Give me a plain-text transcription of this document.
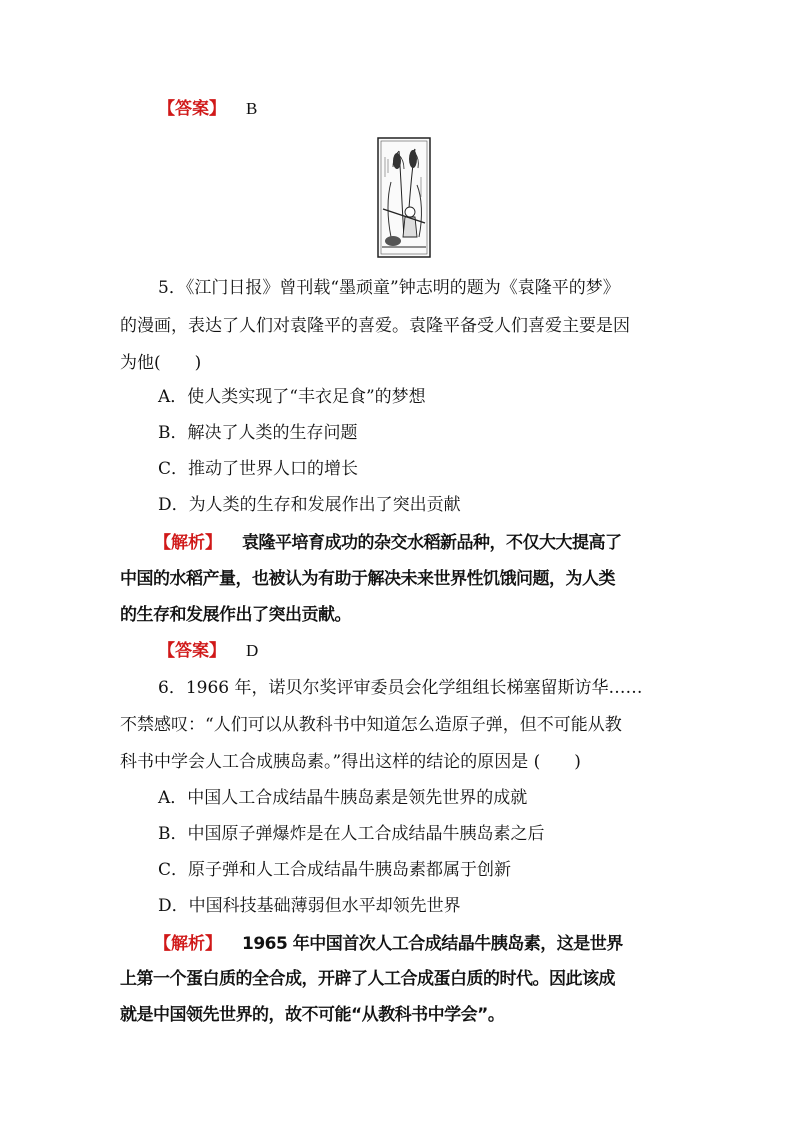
【答案】 B
5．《江门日报》曾刊载“墨顽童”钟志明的题为《袁隆平的梦》
的漫画，表达了人们对袁隆平的喜爱。袁隆平备受人们喜爱主要是因
为他(　　)
A．使人类实现了“丰衣足食”的梦想
B．解决了人类的生存问题
C．推动了世界人口的增长
D．为人类的生存和发展作出了突出贡献
【解析】 袁隆平培育成功的杂交水稻新品种，不仅大大提高了
中国的水稻产量，也被认为有助于解决未来世界性饥饿问题，为人类
的生存和发展作出了突出贡献。
【答案】 D
6．1966 年，诺贝尔奖评审委员会化学组组长梯塞留斯访华……
不禁感叹：“人们可以从教科书中知道怎么造原子弹，但不可能从教
科书中学会人工合成胰岛素。”得出这样的结论的原因是 (　　)
A．中国人工合成结晶牛胰岛素是领先世界的成就
B．中国原子弹爆炸是在人工合成结晶牛胰岛素之后
C．原子弹和人工合成结晶牛胰岛素都属于创新
D．中国科技基础薄弱但水平却领先世界
【解析】 1965 年中国首次人工合成结晶牛胰岛素，这是世界
上第一个蛋白质的全合成，开辟了人工合成蛋白质的时代。因此该成
就是中国领先世界的，故不可能“从教科书中学会”。
